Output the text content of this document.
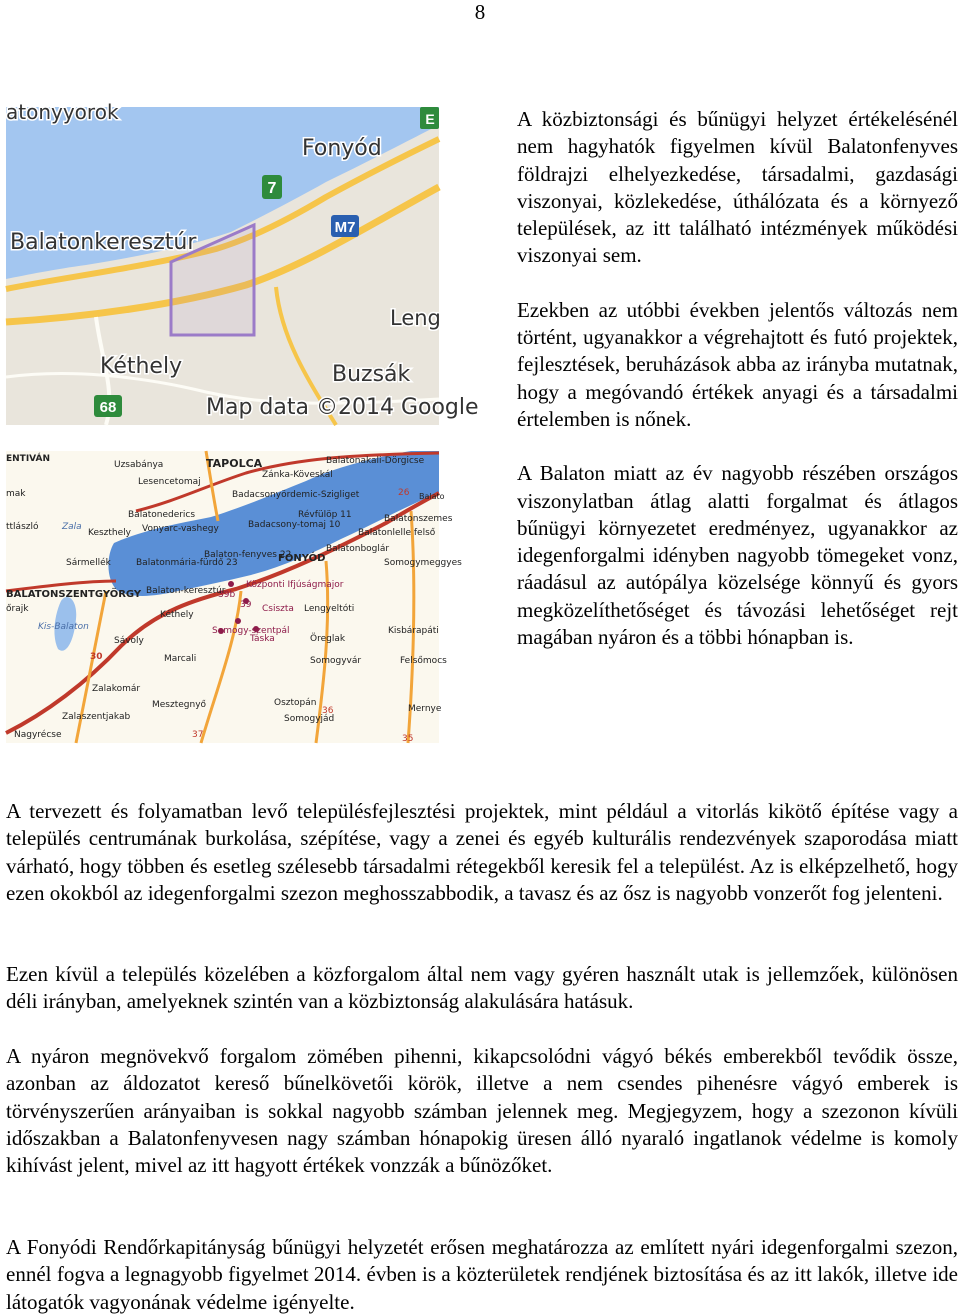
8
7
M7
68
E
atonyyorok
Fonyód
Balatonkeresztúr
Leng
Kéthely	Buzsák
Map data ©2014 Google
ENTIVÁN
mak
ttlászló
őrajk
Uzsabánya	TAPOLCA
Lesencetomaj
Zánka-Köveskál
Balatonakali-Dörgicse
Badacsonyördemic-Szigliget
Balatonederics
Badacsony-tomaj 10
Révfülöp 11	Balatonszemes
Balatonlelle felső
Balatonboglár
Keszthely Vonyarc-vashegy
Balatonmária-fürdő 23
Balaton-fenyves 22
FONYÓD	Somogymeggyes
Sármellék
BALATONSZENTGYÖRGY Balaton-keresztúr
Kéthely
Központi Ifjúságmajor
Csiszta Lengyeltóti
Kisbárapáti
Kis-Balaton
Zala
Sávoly
Somogy-szentpál
Táska	Öreglak
Somogyvár	Felsőmocs
Marcali
Zalakomár
Zalaszentjakab
Mesztegnyő	Osztopán
Somogyjád
Mernye
Nagyrécse
Balato
30
39b
39
37
36
35
26

A közbiztonsági és bűnügyi helyzet értékelésénél nem hagyhatók figyelmen kívül Balatonfenyves földrajzi elhelyezkedése, társadalmi, gazdasági viszonyai, közlekedése, úthálózata és a környező települések, az itt található intézmények működési viszonyai sem.

Ezekben az utóbbi években jelentős változás nem történt, ugyanakkor a végrehajtott és futó projektek, fejlesztések, beruházások abba az irányba mutatnak, hogy a megóvandó értékek anyagi és a társadalmi értelemben is nőnek.

A Balaton miatt az év nagyobb részében országos viszonylatban átlag alatti forgalmat és átlagos bűnügyi környezetet eredményez, ugyanakkor az idegenforgalmi idényben nagyobb tömegeket vonz, ráadásul az autópálya közelsége könnyű és gyors megközelíthetőséget és távozási lehetőséget rejt magában nyáron és a többi hónapban is.

A tervezett és folyamatban levő településfejlesztési projektek, mint például a vitorlás kikötő építése vagy a település centrumának burkolása, szépítése, vagy a zenei és egyéb kulturális rendezvények szaporodása miatt várható, hogy többen és esetleg szélesebb társadalmi rétegekből keresik fel a települést. Az is elképzelhető, hogy ezen okokból az idegenforgalmi szezon meghosszabbodik, a tavasz és az ősz is nagyobb vonzerőt fog jelenteni.

Ezen kívül a település közelében a közforgalom által nem vagy gyéren használt utak is jellemzőek, különösen déli irányban, amelyeknek szintén van a közbiztonság alakulására hatásuk.

A nyáron megnövekvő forgalom zömében pihenni, kikapcsolódni vágyó békés emberekből tevődik össze, azonban az áldozatot kereső bűnelkövetői körök, illetve a nem csendes pihenésre vágyó emberek is törvényszerűen arányaiban is sokkal nagyobb számban jelennek meg. Megjegyzem, hogy a szezonon kívüli időszakban a Balatonfenyvesen nagy számban hónapokig üresen álló nyaraló ingatlanok védelme is komoly kihívást jelent, mivel az itt hagyott értékek vonzzák a bűnözőket.

A Fonyódi Rendőrkapitányság bűnügyi helyzetét erősen meghatározza az említett nyári idegenforgalmi szezon, ennél fogva a legnagyobb figyelmet 2014. évben is a közterületek rendjének biztosítása és az itt lakók, illetve ide látogatók vagyonának védelme igényelte.
